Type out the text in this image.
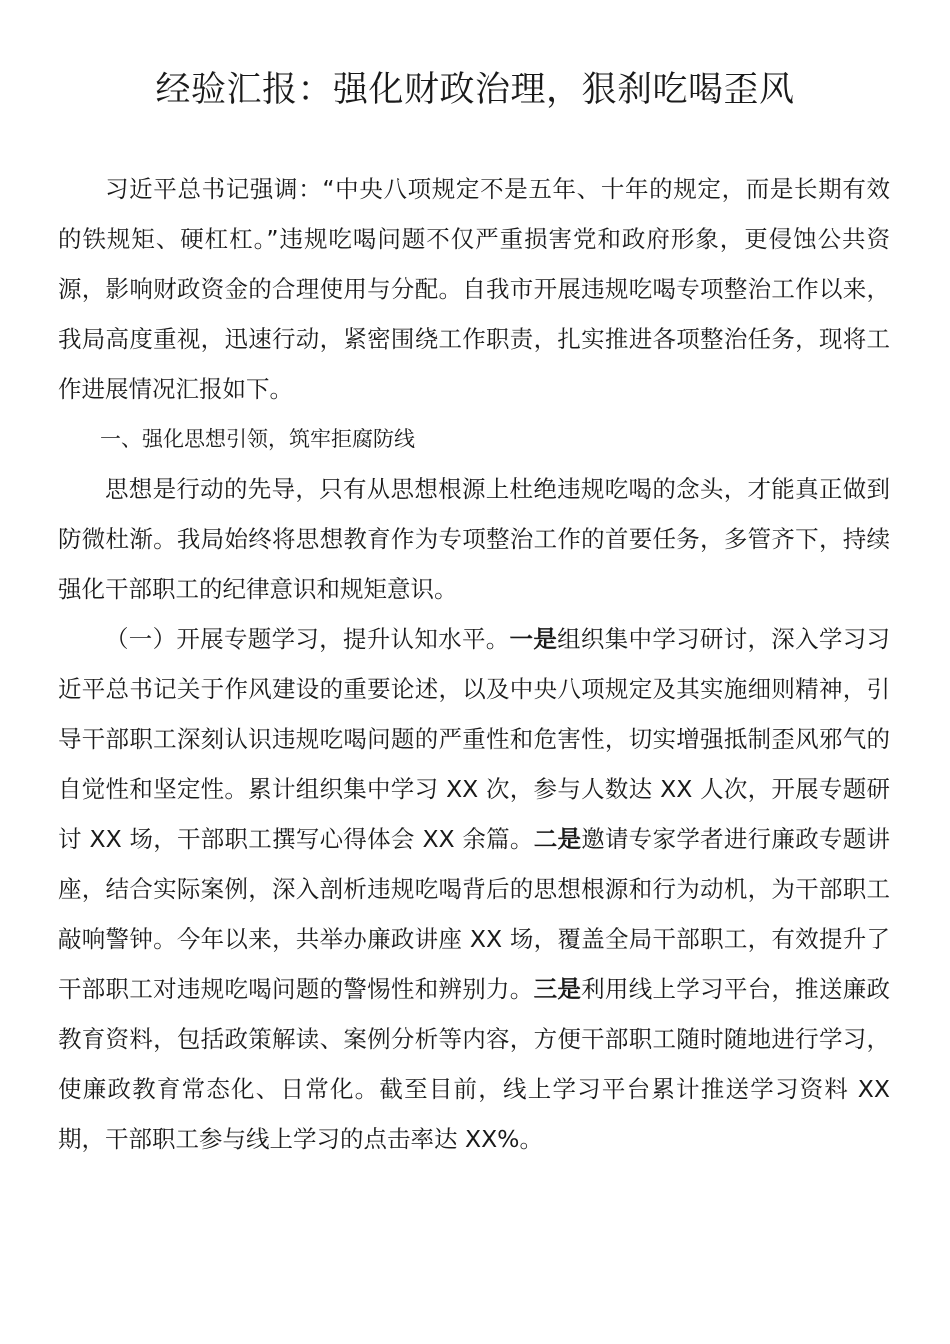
经验汇报：强化财政治理，狠刹吃喝歪风

习近平总书记强调：“中央八项规定不是五年、十年的规定，而是长期有效的铁规矩、硬杠杠。”违规吃喝问题不仅严重损害党和政府形象，更侵蚀公共资源，影响财政资金的合理使用与分配。自我市开展违规吃喝专项整治工作以来，我局高度重视，迅速行动，紧密围绕工作职责，扎实推进各项整治任务，现将工作进展情况汇报如下。

一、强化思想引领，筑牢拒腐防线

思想是行动的先导，只有从思想根源上杜绝违规吃喝的念头，才能真正做到防微杜渐。我局始终将思想教育作为专项整治工作的首要任务，多管齐下，持续强化干部职工的纪律意识和规矩意识。

（一）开展专题学习，提升认知水平。一是组织集中学习研讨，深入学习习近平总书记关于作风建设的重要论述，以及中央八项规定及其实施细则精神，引导干部职工深刻认识违规吃喝问题的严重性和危害性，切实增强抵制歪风邪气的自觉性和坚定性。累计组织集中学习 XX 次，参与人数达 XX 人次，开展专题研讨 XX 场，干部职工撰写心得体会 XX 余篇。二是邀请专家学者进行廉政专题讲座，结合实际案例，深入剖析违规吃喝背后的思想根源和行为动机，为干部职工敲响警钟。今年以来，共举办廉政讲座 XX 场，覆盖全局干部职工，有效提升了干部职工对违规吃喝问题的警惕性和辨别力。三是利用线上学习平台，推送廉政教育资料，包括政策解读、案例分析等内容，方便干部职工随时随地进行学习，使廉政教育常态化、日常化。截至目前，线上学习平台累计推送学习资料 XX 期，干部职工参与线上学习的点击率达 XX%。
